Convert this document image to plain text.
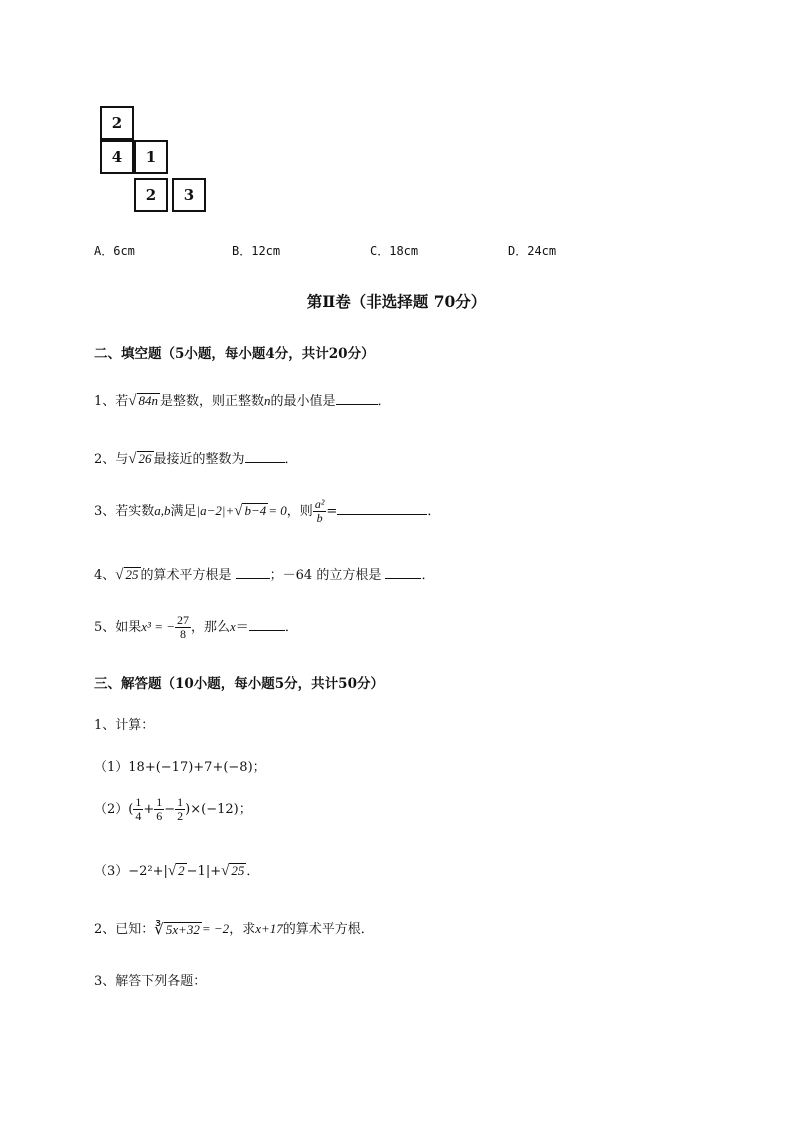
2
4	1
2	3
A．6cm	B．12cm	C．18cm	D．24cm
第Ⅱ卷（非选择题 70分）
二、填空题（5小题，每小题4分，共计20分）
1、若√ 84n 是整数，则正整数n的最小值是	．
2、与√ 26 最接近的整数为	．
3、若实数a,b满足|a−2|+√ b−4 = 0，则 $\frac{\text{a²}}{b}$ =	．
4、√ 25 的算术平方根是	；－64 的立方根是	．
5、如果x³ = − $\frac{27}{8}$ ，那么x＝	．
三、解答题（10小题，每小题5分，共计50分）
1、计算：
（1）18+(−17)+7+(−8)；
$(2)( \frac{1}{4} + \frac{1}{6} - \frac{1}{2} )\times(-12)$；
（3）−2²+|√ 2 −1|+√ 25 ．
2、已知：∛ 5x+32 = −2，求x+17的算术平方根．
3、解答下列各题：
